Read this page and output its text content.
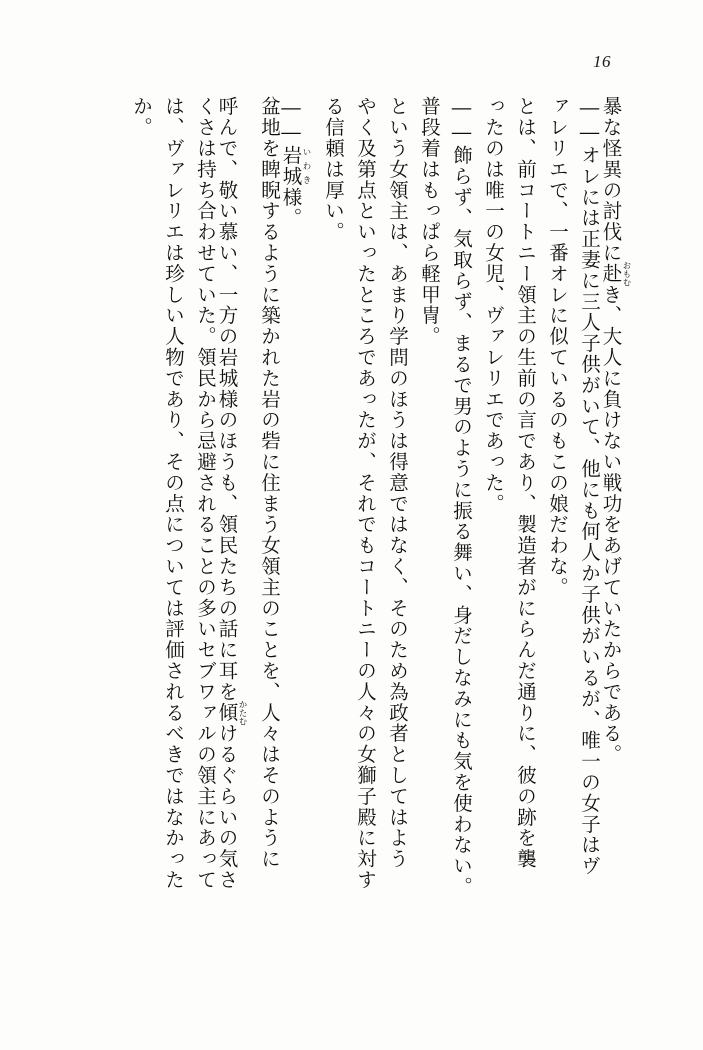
16
暴な怪異の討伐に赴おもむき、大人に負けない戦功をあげていたからである。
――オレには正妻に三人子供がいて、他にも何人か子供がいるが、唯一の女子はヴ
ァレリエで、一番オレに似ているのもこの娘だわな。
とは、前コートニー領主の生前の言であり、製造者がにらんだ通りに、彼の跡を襲
ったのは唯一の女児、ヴァレリエであった。
――飾らず、気取らず、まるで男のように振る舞い、身だしなみにも気を使わない。
普段着はもっぱら軽甲冑。
という女領主は、あまり学問のほうは得意ではなく、そのため為政者としてはよう
やく及第点といったところであったが、それでもコートニーの人々の女獅子殿に対す
る信頼は厚い。
――岩城いわき様。
盆地を睥睨するように築かれた岩の砦に住まう女領主のことを、人々はそのように
呼んで、敬い慕い、一方の岩城様のほうも、領民たちの話に耳を傾かたむけるぐらいの気さ
くさは持ち合わせていた。領民から忌避されることの多いセブワァルの領主にあって
は、ヴァレリエは珍しい人物であり、その点については評価されるべきではなかった
か。
